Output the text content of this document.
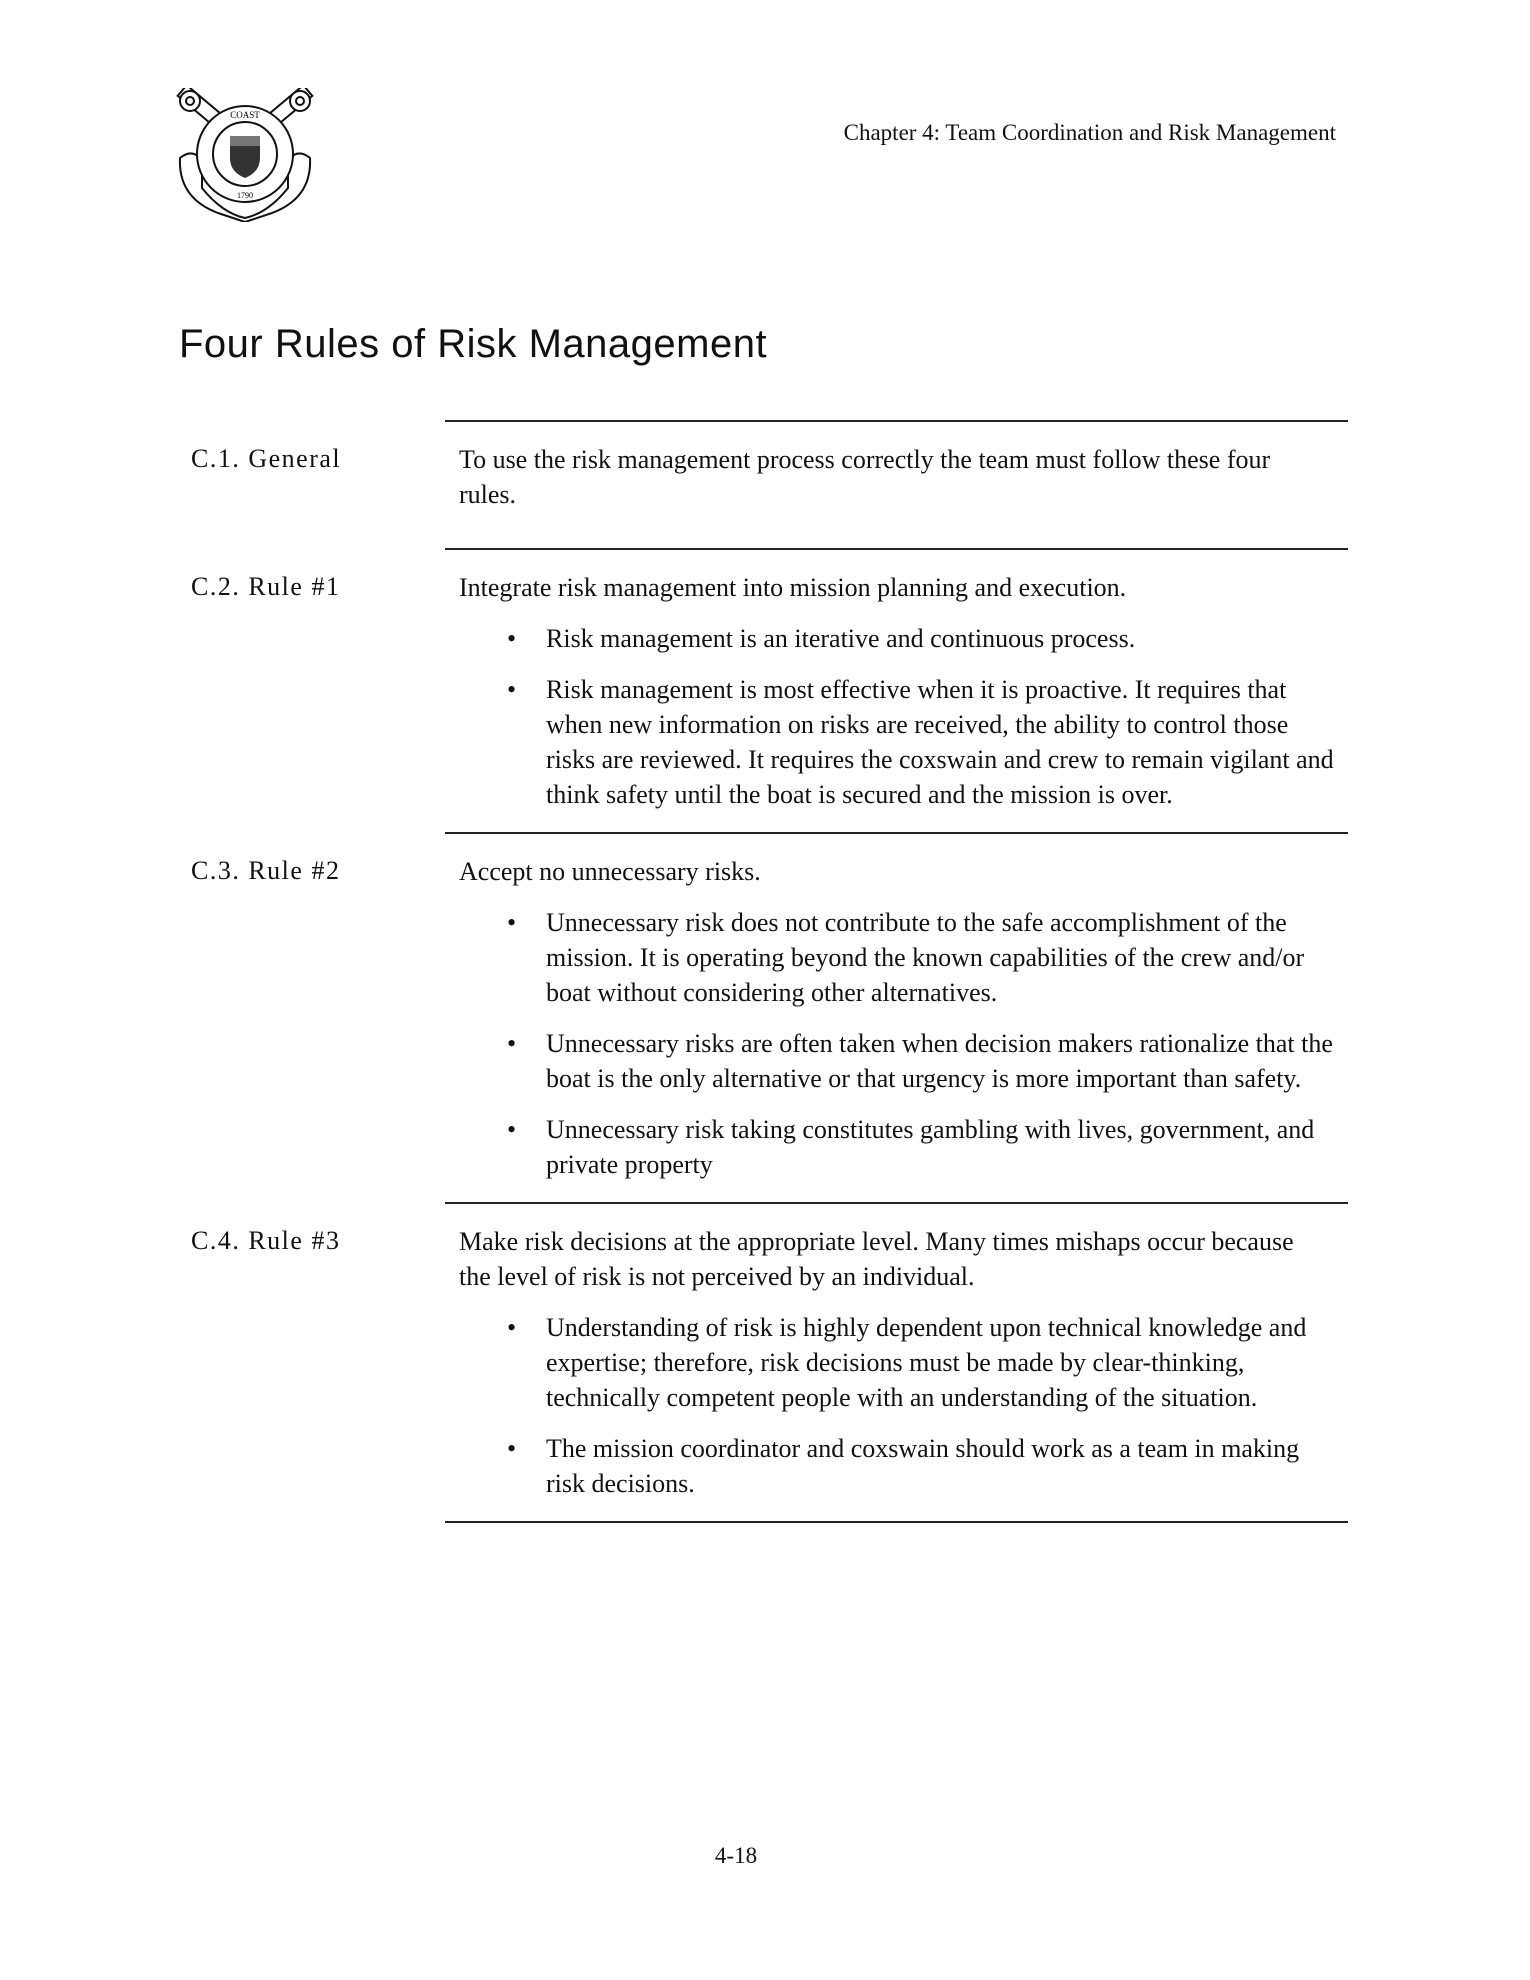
COAST
1790
Chapter 4: Team Coordination and Risk Management
Four Rules of Risk Management
C.1. General	To use the risk management process correctly the team must follow these four rules.

C.2. Rule #1	Integrate risk management into mission planning and execution.

• Risk management is an iterative and continuous process.
• Risk management is most effective when it is proactive. It requires that when new information on risks are received, the ability to control those risks are reviewed. It requires the coxswain and crew to remain vigilant and think safety until the boat is secured and the mission is over.
C.3. Rule #2	Accept no unnecessary risks.

• Unnecessary risk does not contribute to the safe accomplishment of the mission. It is operating beyond the known capabilities of the crew and/or boat without considering other alternatives.
• Unnecessary risks are often taken when decision makers rationalize that the boat is the only alternative or that urgency is more important than safety.
• Unnecessary risk taking constitutes gambling with lives, government, and private property
C.4. Rule #3	Make risk decisions at the appropriate level. Many times mishaps occur because the level of risk is not perceived by an individual.

• Understanding of risk is highly dependent upon technical knowledge and expertise; therefore, risk decisions must be made by clear-thinking, technically competent people with an understanding of the situation.
• The mission coordinator and coxswain should work as a team in making risk decisions.
4-18
